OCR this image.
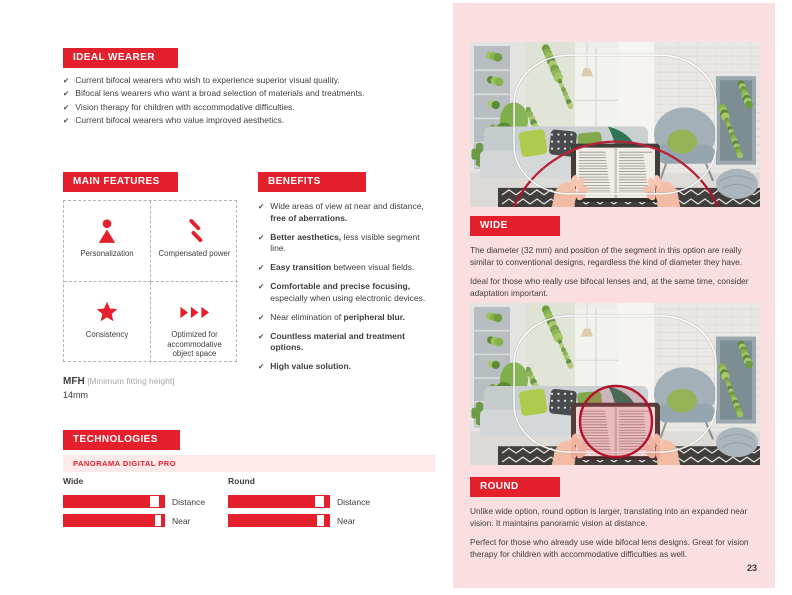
IDEAL WEARER
✔ Current bifocal wearers who wish to experience superior visual quality.
✔ Bifocal lens wearers who want a broad selection of materials and treatments.
✔ Vision therapy for children with accommodative difficulties.
✔ Current bifocal wearers who value improved aesthetics.
MAIN FEATURES
Personalization	Compensated power
Consistency	Optimized for accommodative object space
MFH [Minimum fitting height]
14mm
BENEFITS
✔ Wide areas of view at near and distance, free of aberrations.
✔ Better aesthetics, less visible segment line.
✔ Easy transition between visual fields.
✔ Comfortable and precise focusing, especially when using electronic devices.
✔ Near elimination of peripheral blur.
✔ Countless material and treatment options.
✔ High value solution.
TECHNOLOGIES
PANORAMA DIGITAL PRO
Wide
Distance
Near
Round
Distance
Near
WIDE

The diameter (32 mm) and position of the segment in this option are really similar to conventional designs, regardless the kind of diameter they have.

Ideal for those who really use bifocal lenses and, at the same time, consider adaptation important.

ROUND

Unlike wide option, round option is larger, translating into an expanded near vision. It maintains panoramic vision at distance.

Perfect for those who already use wide bifocal lens designs. Great for vision therapy for children with accommodative difficulties as well.

23
